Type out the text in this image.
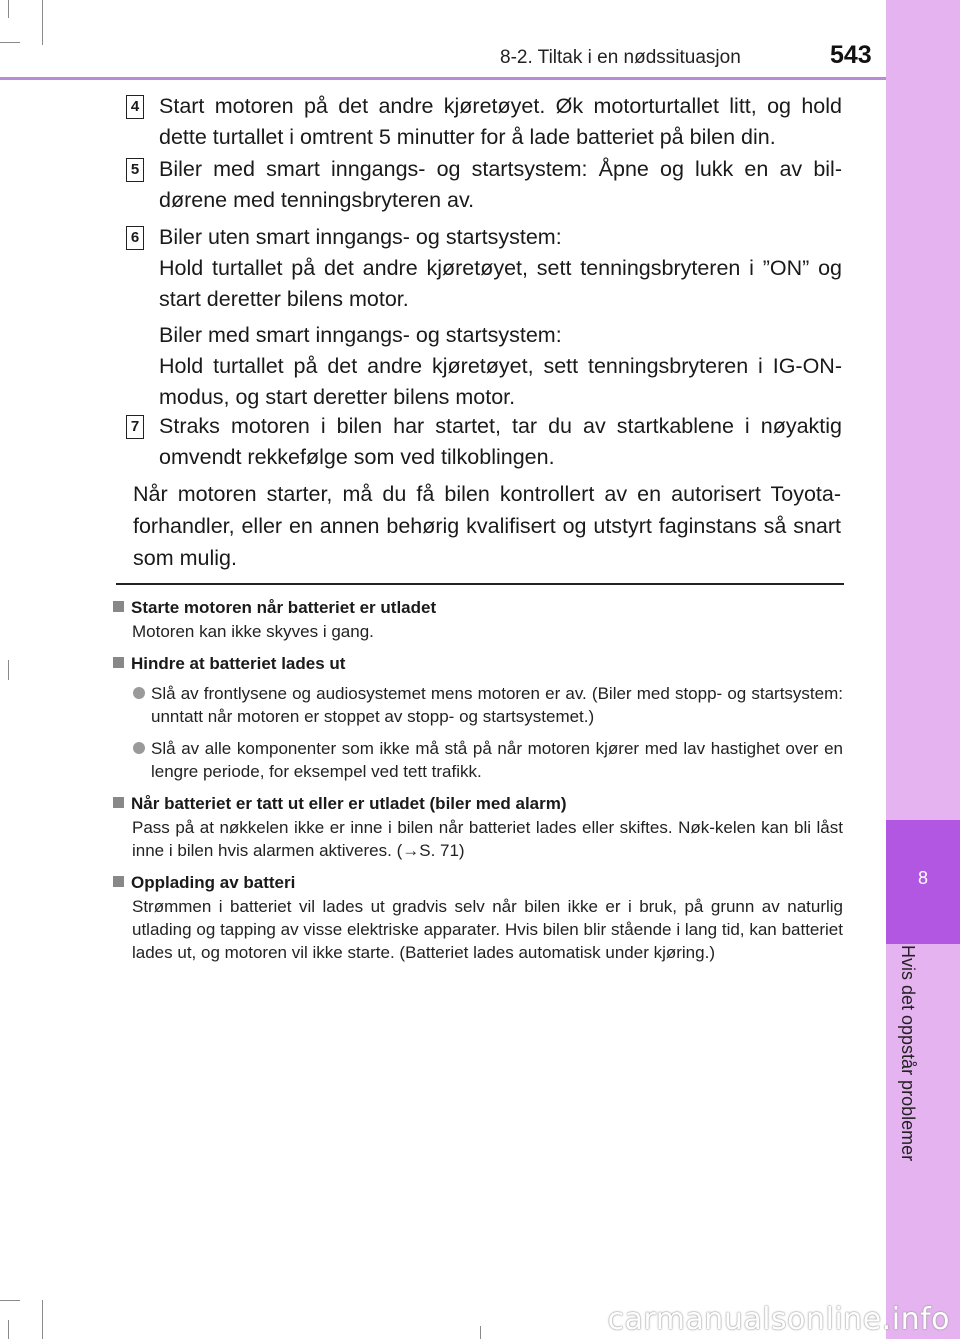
8-2. Tiltak i en nødssituasjon	543
8
Hvis det oppstår problemer
4 Start motoren på det andre kjøretøyet. Øk motorturtallet litt, og hold dette turtallet i omtrent 5 minutter for å lade batteriet på bilen din.

5 Biler med smart inngangs- og startsystem: Åpne og lukk en av bil-dørene med tenningsbryteren av.

6 Biler uten smart inngangs- og startsystem:

Hold turtallet på det andre kjøretøyet, sett tenningsbryteren i ”ON” og start deretter bilens motor.

Biler med smart inngangs- og startsystem:

Hold turtallet på det andre kjøretøyet, sett tenningsbryteren i IG-ON-modus, og start deretter bilens motor.

7 Straks motoren i bilen har startet, tar du av startkablene i nøyaktig omvendt rekkefølge som ved tilkoblingen.

Når motoren starter, må du få bilen kontrollert av en autorisert Toyota-forhandler, eller en annen behørig kvalifisert og utstyrt faginstans så snart som mulig.
Starte motoren når batteriet er utladet
Motoren kan ikke skyves i gang.
Hindre at batteriet lades ut
Slå av frontlysene og audiosystemet mens motoren er av. (Biler med stopp- og startsystem: unntatt når motoren er stoppet av stopp- og startsystemet.)
Slå av alle komponenter som ikke må stå på når motoren kjører med lav hastighet over en lengre periode, for eksempel ved tett trafikk.
Når batteriet er tatt ut eller er utladet (biler med alarm)
Pass på at nøkkelen ikke er inne i bilen når batteriet lades eller skiftes. Nøk-kelen kan bli låst inne i bilen hvis alarmen aktiveres. (→S. 71)
Opplading av batteri
Strømmen i batteriet vil lades ut gradvis selv når bilen ikke er i bruk, på grunn av naturlig utlading og tapping av visse elektriske apparater. Hvis bilen blir stående i lang tid, kan batteriet lades ut, og motoren vil ikke starte. (Batteriet lades automatisk under kjøring.)
carmanualsonline.info
